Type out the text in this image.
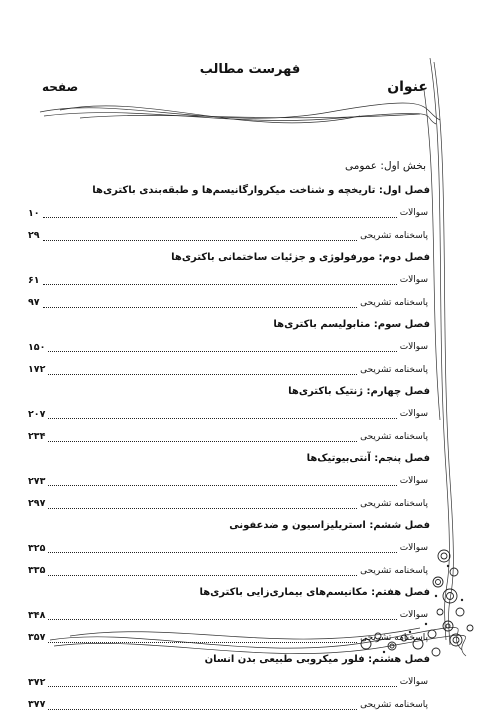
فهرست مطالب
صفحه	عنوان
بخش اول: عمومی
فصل اول: تاریخچه و شناخت میکروارگانیسم‌ها و طبقه‌بندی باکتری‌ها
سوالات
۱۰
پاسخنامه تشریحی
۲۹
فصل دوم: مورفولوژی و جزئیات ساختمانی باکتری‌ها
سوالات
۶۱
پاسخنامه تشریحی
۹۷
فصل سوم: متابولیسم باکتری‌ها
سوالات
۱۵۰
پاسخنامه تشریحی
۱۷۲
فصل چهارم: ژنتیک باکتری‌ها
سوالات
۲۰۷
پاسخنامه تشریحی
۲۳۴
فصل پنجم: آنتی‌بیوتیک‌ها
سوالات
۲۷۳
پاسخنامه تشریحی
۲۹۷
فصل ششم: استریلیزاسیون و ضدعفونی
سوالات
۳۲۵
پاسخنامه تشریحی
۳۳۵
فصل هفتم: مکانیسم‌های بیماری‌زایی باکتری‌ها
سوالات
۳۴۸
پاسخنامه تشریحی
۳۵۷
فصل هشتم: فلور میکروبی طبیعی بدن انسان
سوالات
۳۷۲
پاسخنامه تشریحی
۳۷۷
